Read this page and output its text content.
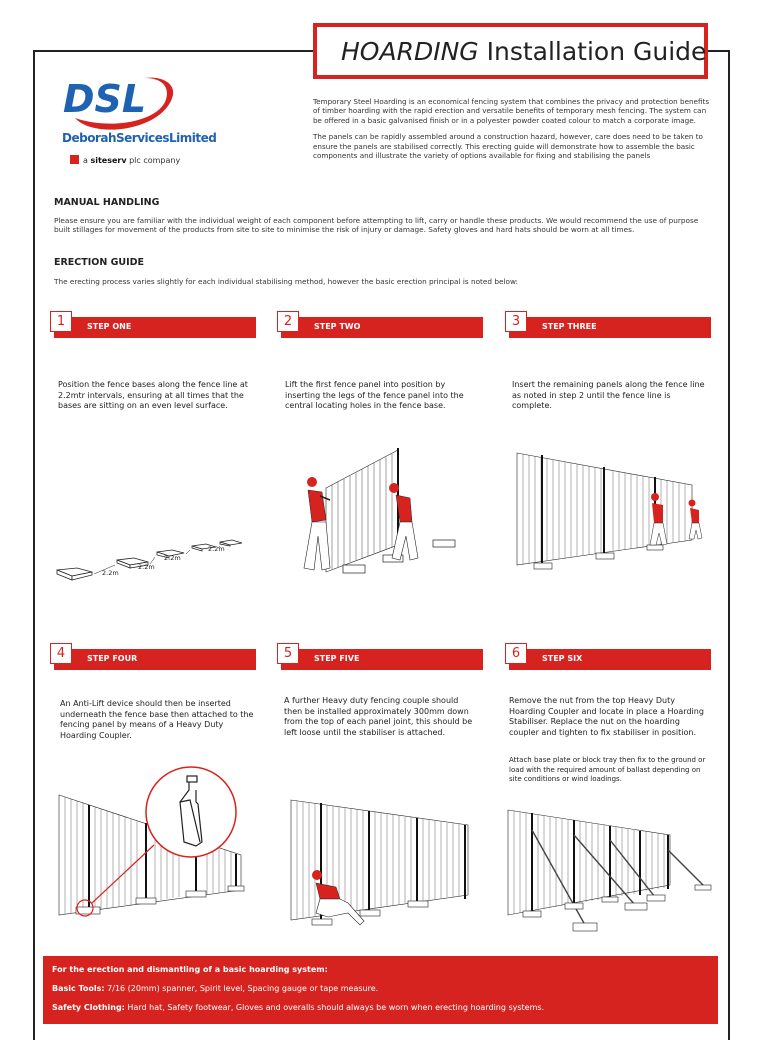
HOARDING Installation Guide
DSL
DeborahServicesLimited
a siteserv plc company

Temporary Steel Hoarding is an economical fencing system that combines the privacy and protection benefits of timber hoarding with the rapid erection and versatile benefits of temporary mesh fencing. The system can be offered in a basic galvanised finish or in a polyester powder coated colour to match a corporate image.

The panels can be rapidly assembled around a construction hazard, however, care does need to be taken to ensure the panels are stabilised correctly. This erecting guide will demonstrate how to assemble the basic components and illustrate the variety of options available for fixing and stabilising the panels

MANUAL HANDLING
Please ensure you are familiar with the individual weight of each component before attempting to lift, carry or handle these products. We would recommend the use of purpose built stillages for movement of the products from site to site to minimise the risk of injury or damage. Safety gloves and hard hats should be worn at all times.
ERECTION GUIDE
The erecting process varies slightly for each individual stabilising method, however the basic erection principal is noted below:
STEP ONE
1	STEP TWO
2	STEP THREE
3
Position the fence bases along the fence line at 2.2mtr intervals, ensuring at all times that the bases are sitting on an even level surface.
Lift the first fence panel into position by inserting the legs of the fence panel into the central locating holes in the fence base.
Insert the remaining panels along the fence line as noted in step 2 until the fence line is complete.
2.2m
2.2m
2.2m
2.2m
STEP FOUR
4	STEP FIVE
5	STEP SIX
6
An Anti-Lift device should then be inserted underneath the fence base then attached to the fencing panel by means of a Heavy Duty Hoarding Coupler.
A further Heavy duty fencing couple should then be installed approximately 300mm down from the top of each panel joint, this should be left loose until the stabiliser is attached.
Remove the nut from the top Heavy Duty Hoarding Coupler and locate in place a Hoarding Stabiliser. Replace the nut on the hoarding coupler and tighten to fix stabiliser in position.
Attach base plate or block tray then fix to the ground or load with the required amount of ballast depending on site conditions or wind loadings.
For the erection and dismantling of a basic hoarding system:
Basic Tools: 7/16 (20mm) spanner, Spirit level, Spacing gauge or tape measure.
Safety Clothing: Hard hat, Safety footwear, Gloves and overalls should always be worn when erecting hoarding systems.
